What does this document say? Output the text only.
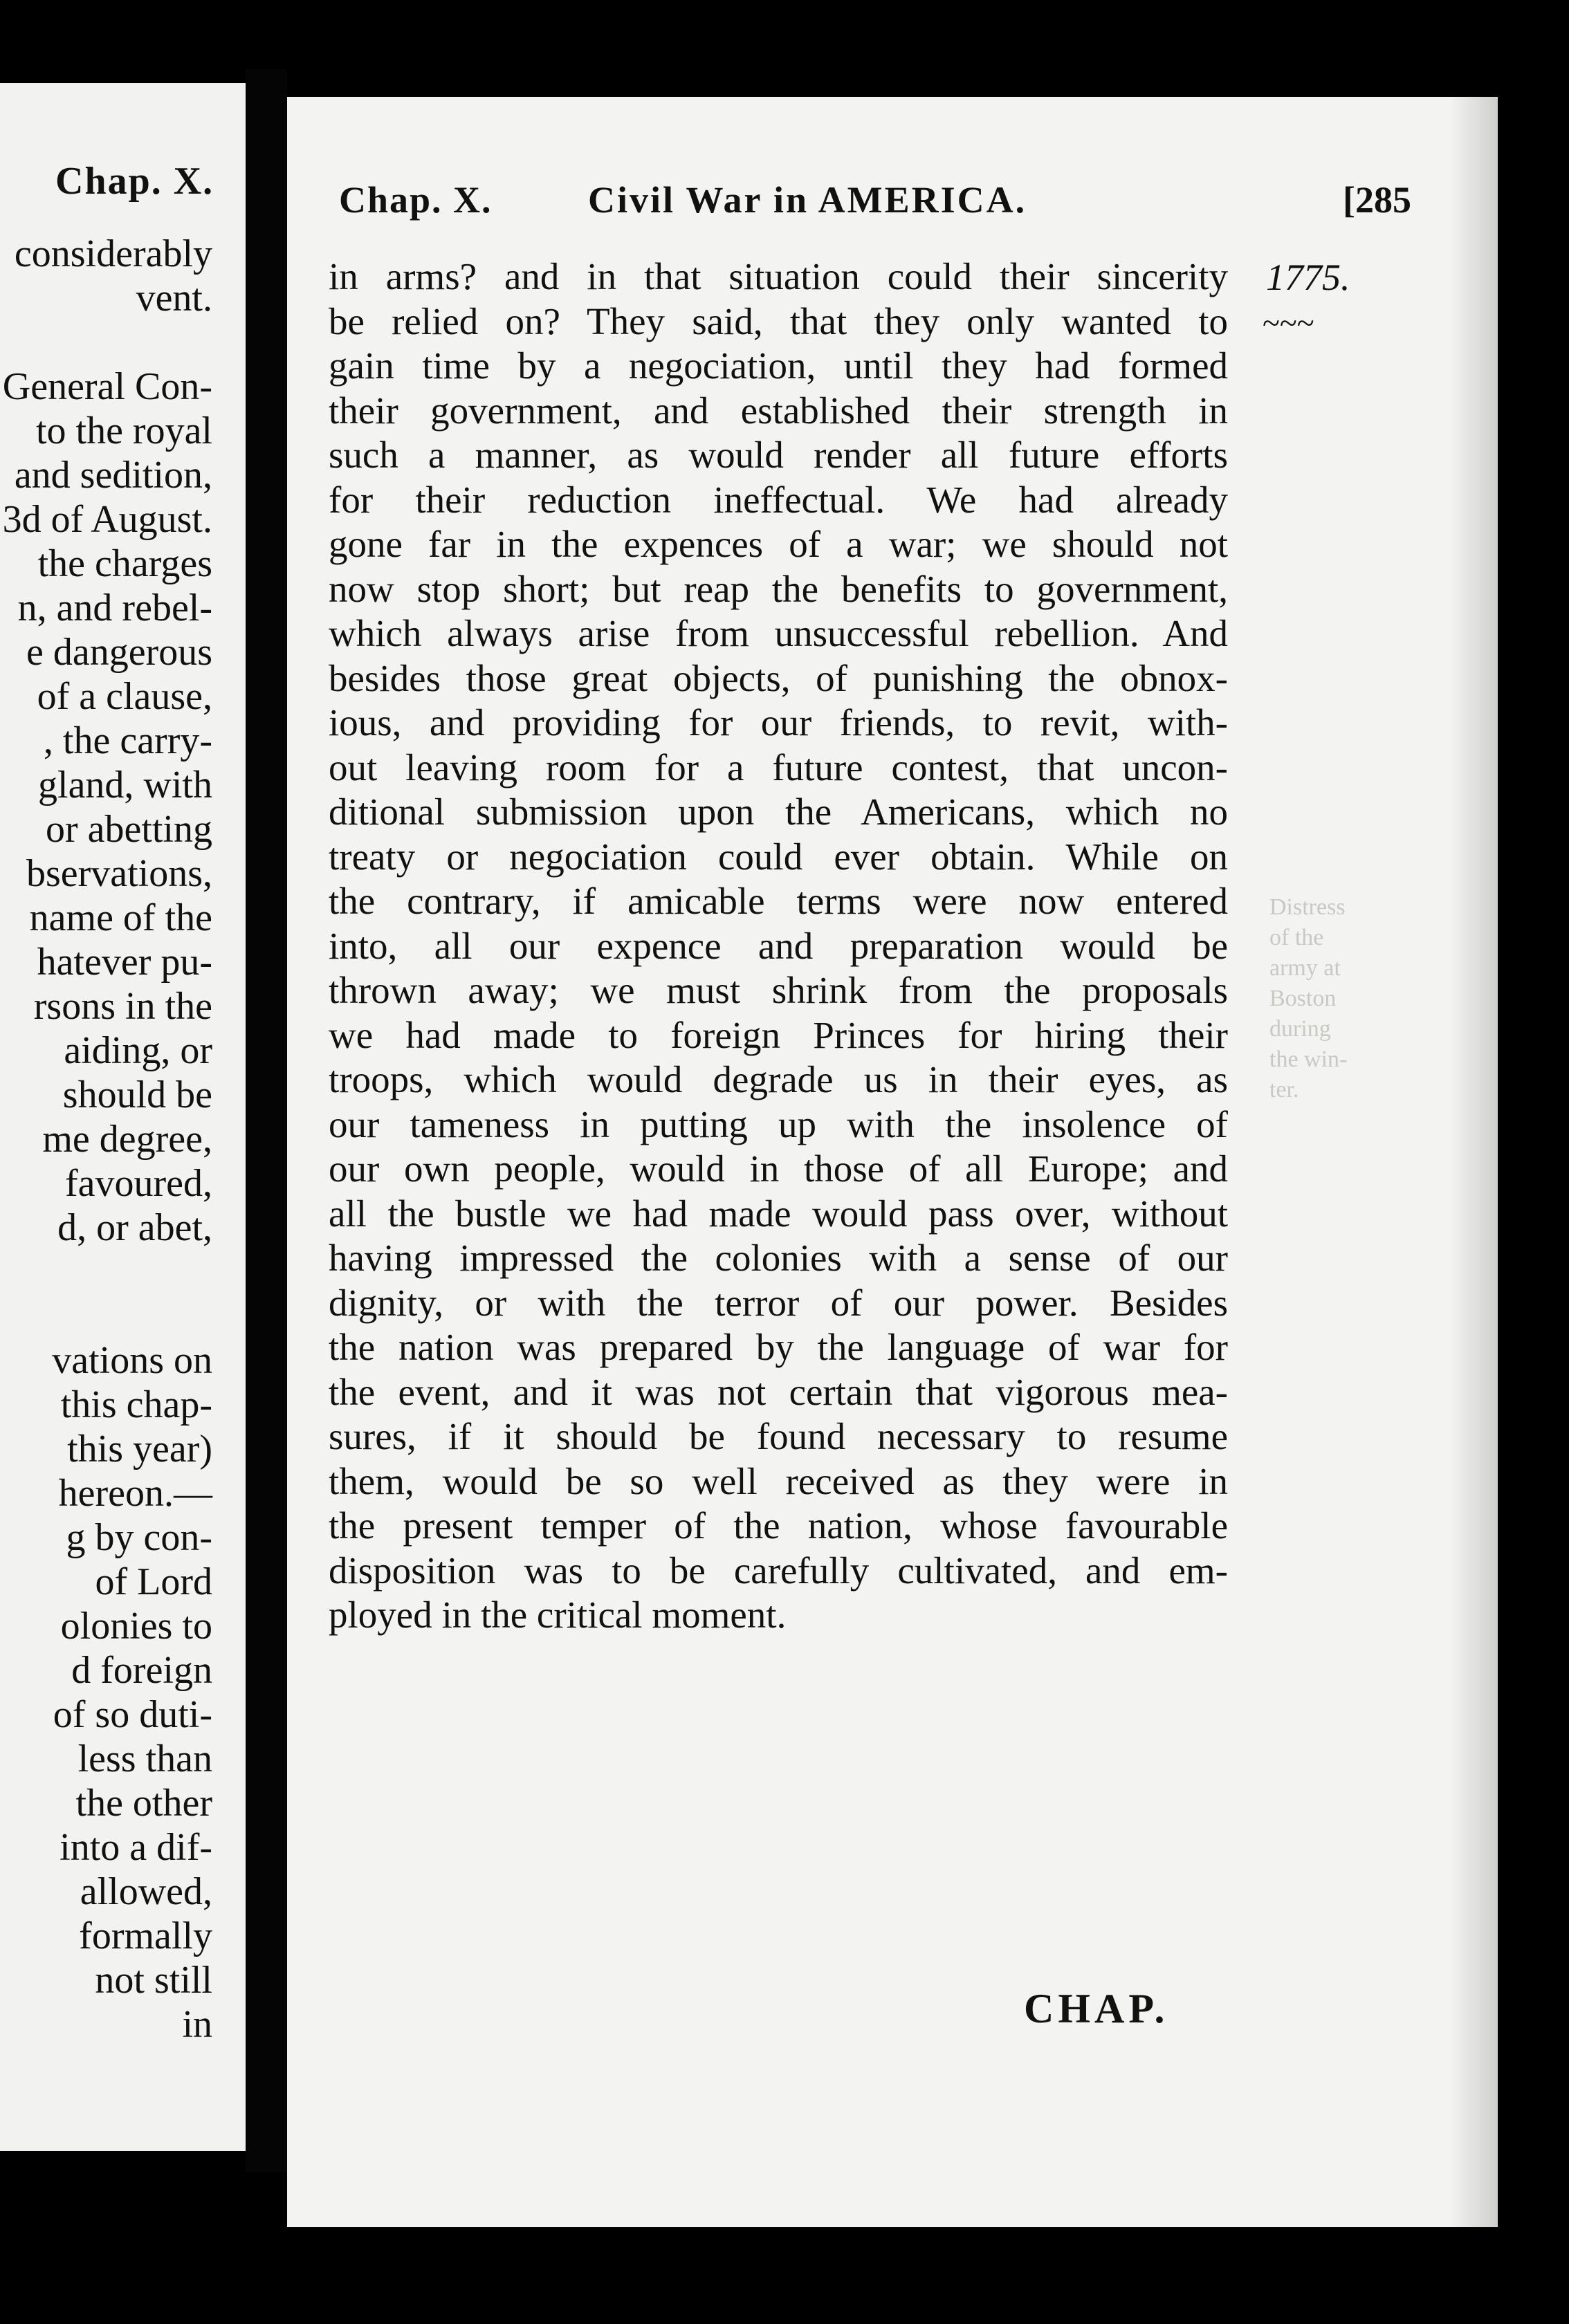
Chap. X.
considerably
vent.
General Con-
to the royal
and sedition,
3d of August.
the charges
n, and rebel-
e dangerous
of a clause,
, the carry-
gland, with
or abetting
bservations,
name of the
hatever pu-
rsons in the
aiding, or
should be
me degree,
favoured,
d, or abet,
vations on
this chap-
this year)
hereon.—
g by con-
of Lord
olonies to
d foreign
of so duti-
less than
the other
into a dif-
allowed,
formally
not still
in
Chap. X.	Civil War in AMERICA.	[285
1775.
~~~
Distress
of the
army at
Boston
during
the win-
ter.
in arms? and in that situation could their sincerity
be relied on? They said, that they only wanted to
gain time by a negociation, until they had formed
their government, and established their strength in
such a manner, as would render all future efforts
for their reduction ineffectual. We had already
gone far in the expences of a war; we should not
now stop short; but reap the benefits to government,
which always arise from unsuccessful rebellion. And
besides those great objects, of punishing the obnox-
ious, and providing for our friends, to revit, with-
out leaving room for a future contest, that uncon-
ditional submission upon the Americans, which no
treaty or negociation could ever obtain. While on
the contrary, if amicable terms were now entered
into, all our expence and preparation would be
thrown away; we must shrink from the proposals
we had made to foreign Princes for hiring their
troops, which would degrade us in their eyes, as
our tameness in putting up with the insolence of
our own people, would in those of all Europe; and
all the bustle we had made would pass over, without
having impressed the colonies with a sense of our
dignity, or with the terror of our power. Besides
the nation was prepared by the language of war for
the event, and it was not certain that vigorous mea-
sures, if it should be found necessary to resume
them, would be so well received as they were in
the present temper of the nation, whose favourable
disposition was to be carefully cultivated, and em-
ployed in the critical moment.

CHAP.
